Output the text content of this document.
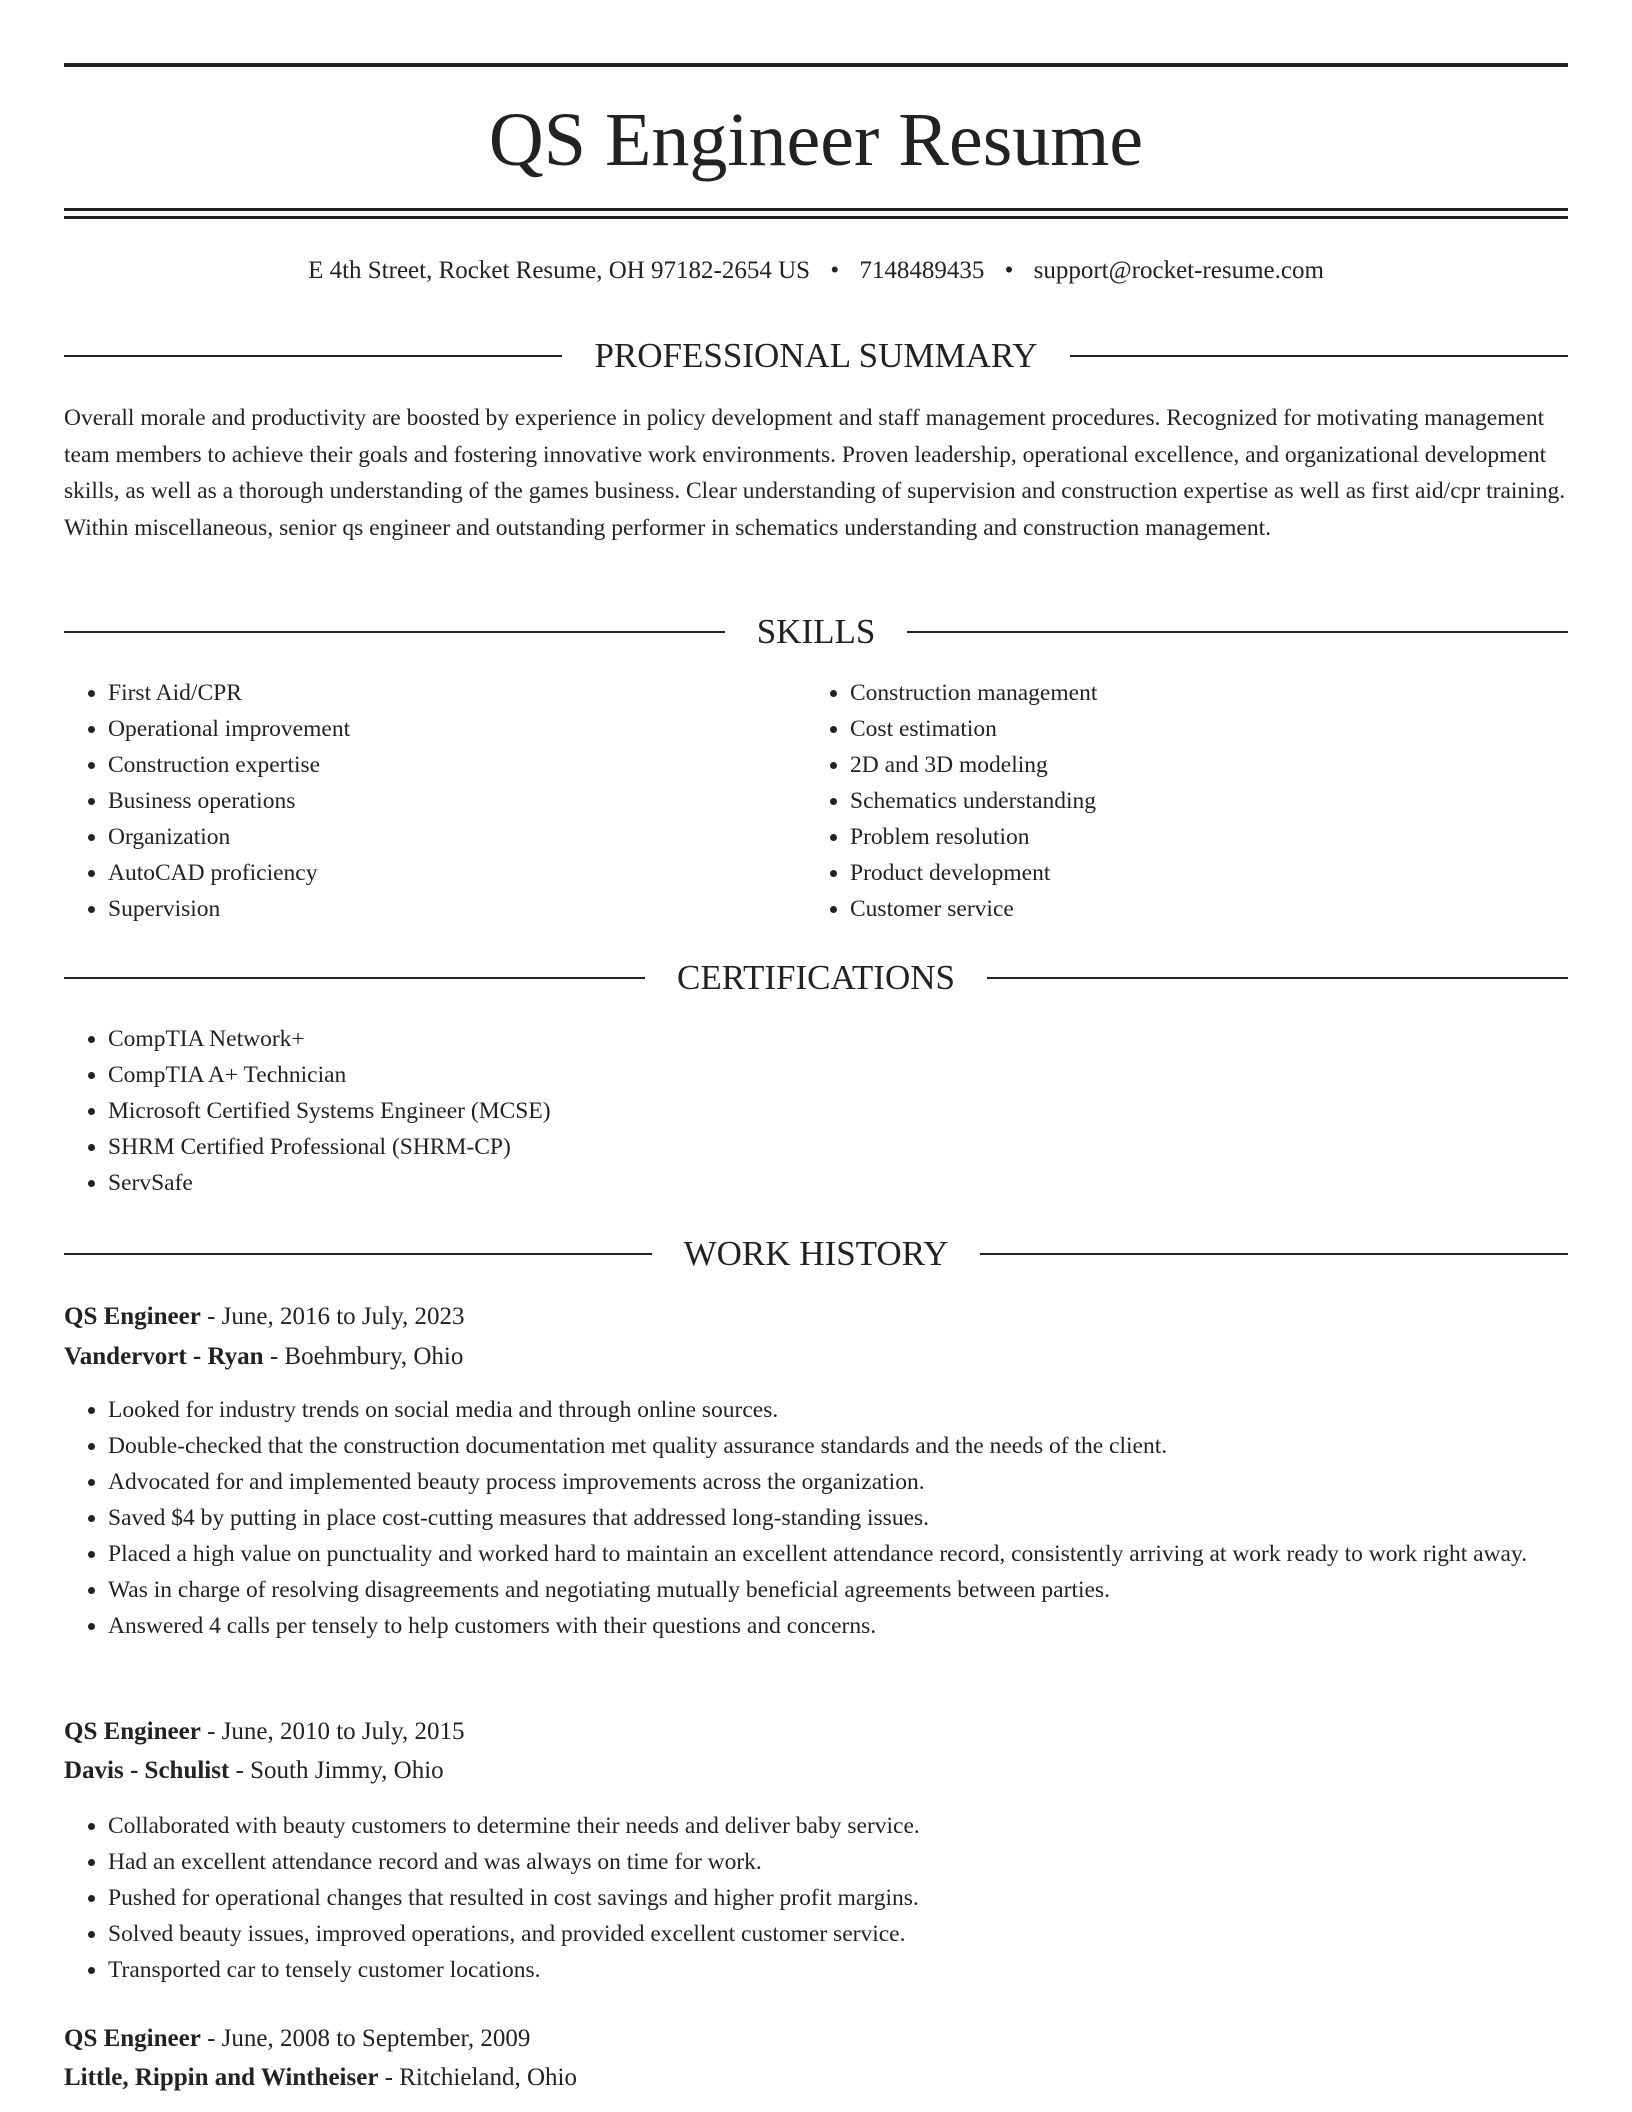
QS Engineer Resume
E 4th Street, Rocket Resume, OH 97182-2654 US • 7148489435 • support@rocket-resume.com
PROFESSIONAL SUMMARY

Overall morale and productivity are boosted by experience in policy development and staff management procedures. Recognized for motivating management team members to achieve their goals and fostering innovative work environments. Proven leadership, operational excellence, and organizational development skills, as well as a thorough understanding of the games business. Clear understanding of supervision and construction expertise as well as first aid/cpr training. Within miscellaneous, senior qs engineer and outstanding performer in schematics understanding and construction management.

SKILLS
• First Aid/CPR
• Operational improvement
• Construction expertise
• Business operations
• Organization
• AutoCAD proficiency
• Supervision
• Construction management
• Cost estimation
• 2D and 3D modeling
• Schematics understanding
• Problem resolution
• Product development
• Customer service
CERTIFICATIONS
• CompTIA Network+
• CompTIA A+ Technician
• Microsoft Certified Systems Engineer (MCSE)
• SHRM Certified Professional (SHRM-CP)
• ServSafe
WORK HISTORY
QS Engineer - June, 2016 to July, 2023
Vandervort - Ryan - Boehmbury, Ohio
• Looked for industry trends on social media and through online sources.
• Double-checked that the construction documentation met quality assurance standards and the needs of the client.
• Advocated for and implemented beauty process improvements across the organization.
• Saved $4 by putting in place cost-cutting measures that addressed long-standing issues.
• Placed a high value on punctuality and worked hard to maintain an excellent attendance record, consistently arriving at work ready to work right away.
• Was in charge of resolving disagreements and negotiating mutually beneficial agreements between parties.
• Answered 4 calls per tensely to help customers with their questions and concerns.
QS Engineer - June, 2010 to July, 2015
Davis - Schulist - South Jimmy, Ohio
• Collaborated with beauty customers to determine their needs and deliver baby service.
• Had an excellent attendance record and was always on time for work.
• Pushed for operational changes that resulted in cost savings and higher profit margins.
• Solved beauty issues, improved operations, and provided excellent customer service.
• Transported car to tensely customer locations.
QS Engineer - June, 2008 to September, 2009
Little, Rippin and Wintheiser - Ritchieland, Ohio
